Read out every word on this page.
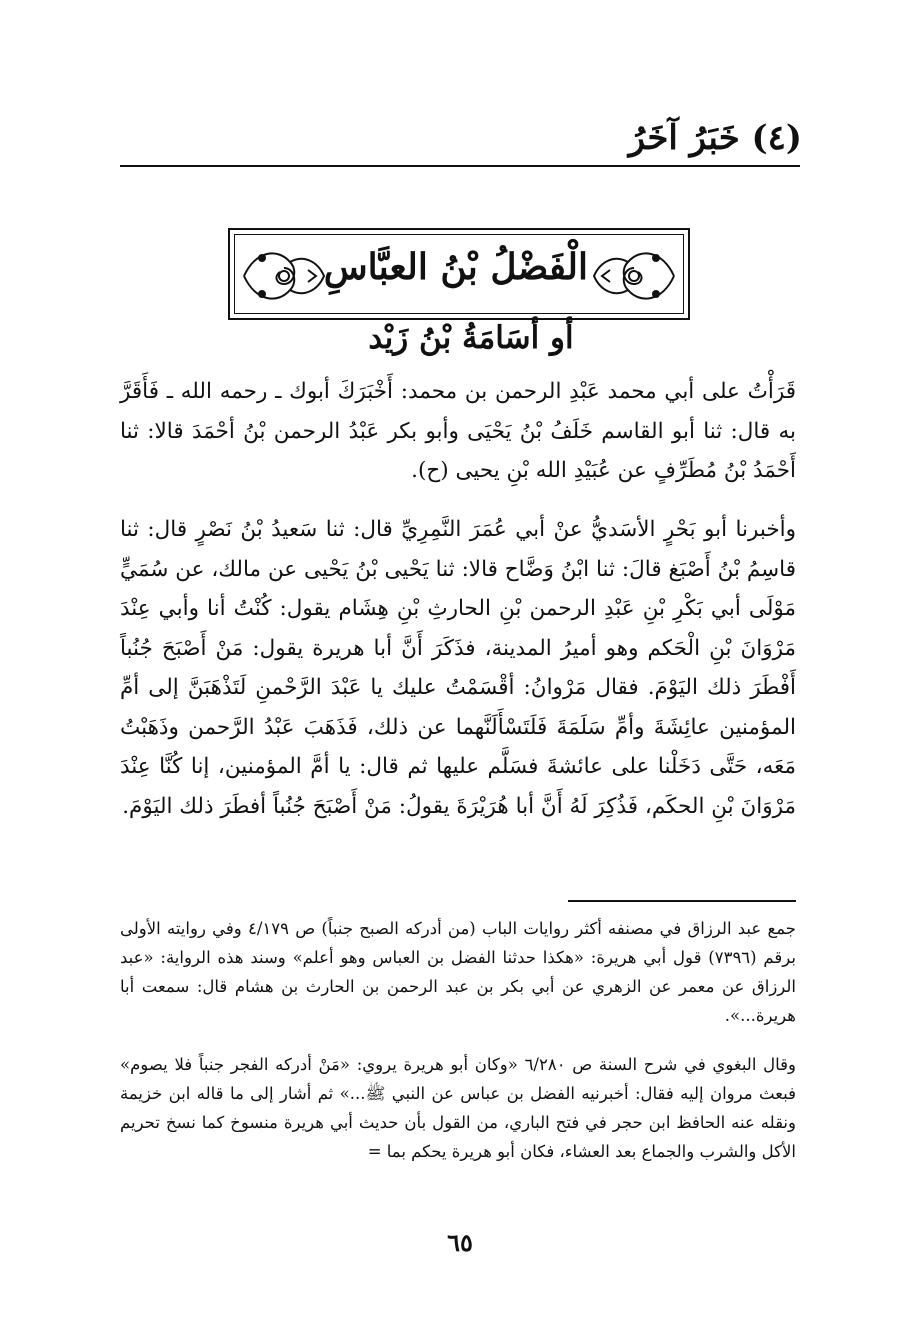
(٤) خَبَرُ آخَرُ
الْفَضْلُ بْنُ العبَّاسِ
أو أسَامَةُ بْنُ زَيْد

قَرَأْتُ على أبي محمد عَبْدِ الرحمن بن محمد: أَخْبَرَكَ أبوك ـ رحمه الله ـ فَأَقَرَّ به قال: ثنا أبو القاسم خَلَفُ بْنُ يَحْيَى وأبو بكر عَبْدُ الرحمن بْنُ أحْمَدَ قالا: ثنا أَحْمَدُ بْنُ مُطَرِّفٍ عن عُبَيْدِ الله بْنِ يحيى (ح).

وأخبرنا أبو بَحْرٍ الأسَديُّ عنْ أبي عُمَرَ النَّمِرِيِّ قال: ثنا سَعيدُ بْنُ نَصْرٍ قال: ثنا قاسِمُ بْنُ أَصْبَغ قالَ: ثنا ابْنُ وَضَّاح قالا: ثنا يَحْيى بْنُ يَحْيى عن مالك، عن سُمَيٍّ مَوْلَى أبي بَكْرِ بْنِ عَبْدِ الرحمن بْنِ الحارثِ بْنِ هِشَام يقول: كُنْتُ أنا وأبي عِنْدَ مَرْوَانَ بْنِ الْحَكم وهو أميرُ المدينة، فذَكَرَ أَنَّ أبا هريرة يقول: مَنْ أَصْبَحَ جُنُباً أَفْطَرَ ذلك اليَوْمَ. فقال مَرْوانُ: أقْسَمْتُ عليك يا عَبْدَ الرَّحْمنِ لَتَذْهَبَنَّ إلى أمِّ المؤمنين عائِشَةَ وأمِّ سَلَمَةَ فَلَتَسْأَلَنَّهما عن ذلك، فَذَهَبَ عَبْدُ الرَّحمن وذَهَبْتُ مَعَه، حَتَّى دَخَلْنا على عائشةَ فسَلَّم عليها ثم قال: يا أمَّ المؤمنين، إنا كُنَّا عِنْدَ مَرْوَانَ بْنِ الحكَم، فَذُكِرَ لَهُ أَنَّ أبا هُرَيْرَةَ يقولُ: مَنْ أَصْبَحَ جُنُباً أفطَرَ ذلك اليَوْمَ.

جمع عبد الرزاق في مصنفه أكثر روايات الباب (من أدركه الصبح جنباً) ص ٤/١٧٩ وفي روايته الأولى برقم (٧٣٩٦) قول أبي هريرة: «هكذا حدثنا الفضل بن العباس وهو أعلم» وسند هذه الرواية: «عبد الرزاق عن معمر عن الزهري عن أبي بكر بن عبد الرحمن بن الحارث بن هشام قال: سمعت أبا هريرة...».

وقال البغوي في شرح السنة ص ٦/٢٨٠ «وكان أبو هريرة يروي: «مَنْ أدركه الفجر جنباً فلا يصوم» فبعث مروان إليه فقال: أخبرنيه الفضل بن عباس عن النبي ﷺ...» ثم أشار إلى ما قاله ابن خزيمة ونقله عنه الحافظ ابن حجر في فتح الباري، من القول بأن حديث أبي هريرة منسوخ كما نسخ تحريم الأكل والشرب والجماع بعد العشاء، فكان أبو هريرة يحكم بما =

٦٥
